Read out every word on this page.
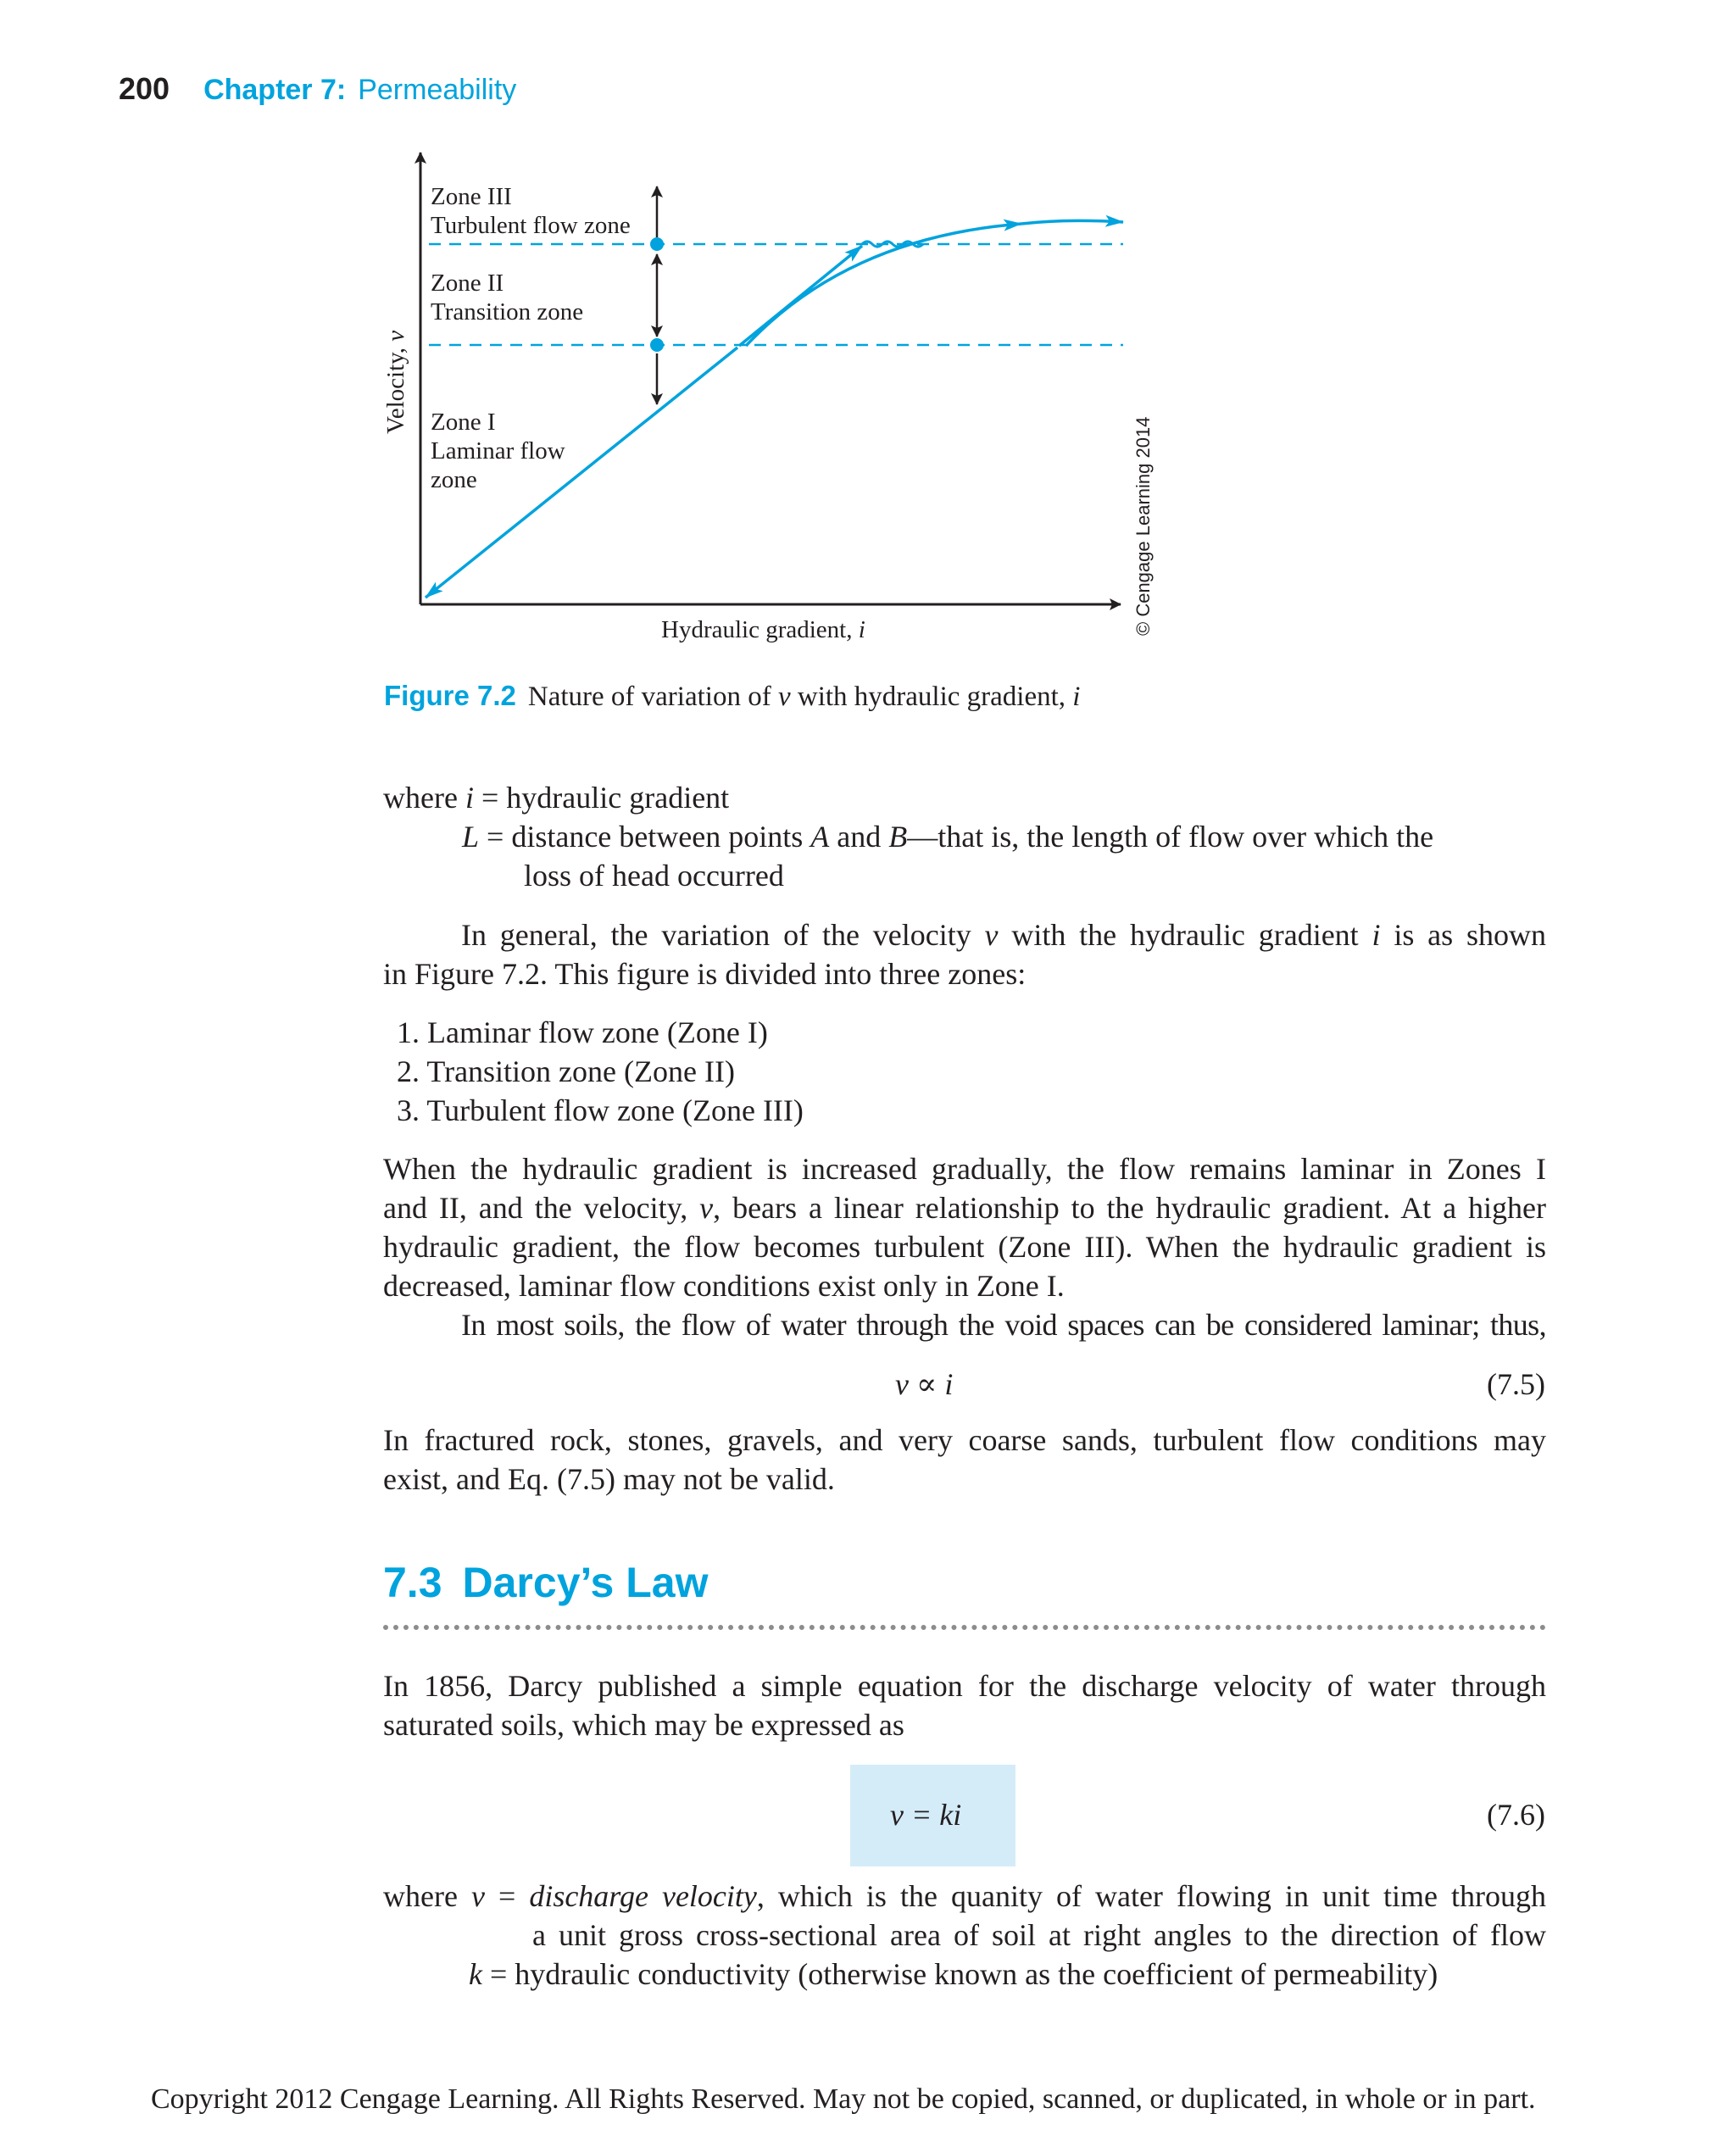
200 Chapter 7: Permeability
Zone III
Turbulent flow zone
Zone II
Transition zone
Zone I
Laminar flow
zone
Velocity, v
Hydraulic gradient, i	© Cengage Learning 2014
Figure 7.2 Nature of variation of v with hydraulic gradient, i
where i = hydraulic gradient
L = distance between points A and B—that is, the length of flow over which the
loss of head occurred
In general, the variation of the velocity v with the hydraulic gradient i is as shown
in Figure 7.2. This figure is divided into three zones:
1. Laminar flow zone (Zone I)
2. Transition zone (Zone II)
3. Turbulent flow zone (Zone III)
When the hydraulic gradient is increased gradually, the flow remains laminar in Zones I
and II, and the velocity, v, bears a linear relationship to the hydraulic gradient. At a higher
hydraulic gradient, the flow becomes turbulent (Zone III). When the hydraulic gradient is
decreased, laminar flow conditions exist only in Zone I.
In most soils, the flow of water through the void spaces can be considered laminar; thus,
v ∝ i	(7.5)
In fractured rock, stones, gravels, and very coarse sands, turbulent flow conditions may
exist, and Eq. (7.5) may not be valid.
7.3 Darcy’s Law
In 1856, Darcy published a simple equation for the discharge velocity of water through
saturated soils, which may be expressed as
v = ki	(7.6)
where v = discharge velocity, which is the quanity of water flowing in unit time through
a unit gross cross-sectional area of soil at right angles to the direction of flow
k = hydraulic conductivity (otherwise known as the coefficient of permeability)
Copyright 2012 Cengage Learning. All Rights Reserved. May not be copied, scanned, or duplicated, in whole or in part.
